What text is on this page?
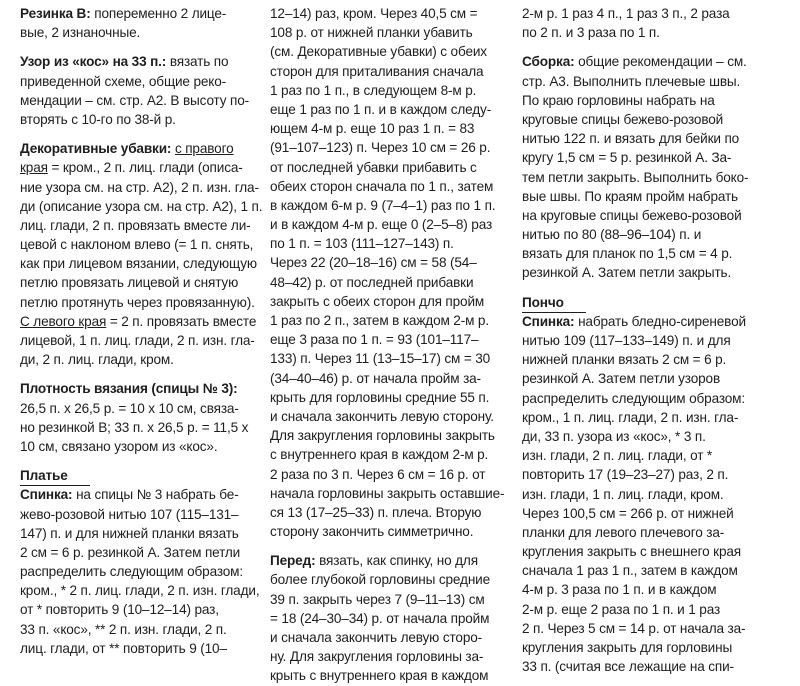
Резинка B: попеременно 2 лице-
вые, 2 изнаночные.
Узор из «кос» на 33 п.: вязать по
приведенной схеме, общие реко-
мендации – см. стр. А2. В высоту по-
вторять с 10-го по 38-й р.
Декоративные убавки: с правого
края = кром., 2 п. лиц. глади (описа-
ние узора см. на стр. А2), 2 п. изн. гла-
ди (описание узора см. на стр. А2), 1 п.
лиц. глади, 2 п. провязать вместе ли-
цевой с наклоном влево (= 1 п. снять,
как при лицевом вязании, следующую
петлю провязать лицевой и снятую
петлю протянуть через провязанную).
С левого края = 2 п. провязать вместе
лицевой, 1 п. лиц. глади, 2 п. изн. гла-
ди, 2 п. лиц. глади, кром.
Плотность вязания (спицы № 3):
26,5 п. х 26,5 р. = 10 х 10 см, связа-
но резинкой B; 33 п. х 26,5 р. = 11,5 х
10 см, связано узором из «кос».
Платье
Спинка: на спицы № 3 набрать бе-
жево-розовой нитью 107 (115–131–
147) п. и для нижней планки вязать
2 см = 6 р. резинкой А. Затем петли
распределить следующим образом:
кром., * 2 п. лиц. глади, 2 п. изн. глади,
от * повторить 9 (10–12–14) раз,
33 п. «кос», ** 2 п. изн. глади, 2 п.
лиц. глади, от ** повторить 9 (10–
12–14) раз, кром. Через 40,5 см =
108 р. от нижней планки убавить
(см. Декоративные убавки) с обеих
сторон для приталивания сначала
1 раз по 1 п., в следующем 8-м р.
еще 1 раз по 1 п. и в каждом следу-
ющем 4-м р. еще 10 раз 1 п. = 83
(91–107–123) п. Через 10 см = 26 р.
от последней убавки прибавить с
обеих сторон сначала по 1 п., затем
в каждом 6-м р. 9 (7–4–1) раз по 1 п.
и в каждом 4-м р. еще 0 (2–5–8) раз
по 1 п. = 103 (111–127–143) п.
Через 22 (20–18–16) см = 58 (54–
48–42) р. от последней прибавки
закрыть с обеих сторон для пройм
1 раз по 2 п., затем в каждом 2-м р.
еще 3 раза по 1 п. = 93 (101–117–
133) п. Через 11 (13–15–17) см = 30
(34–40–46) р. от начала пройм за-
крыть для горловины средние 55 п.
и сначала закончить левую сторону.
Для закругления горловины закрыть
с внутреннего края в каждом 2-м р.
2 раза по 3 п. Через 6 см = 16 р. от
начала горловины закрыть оставшие-
ся 13 (17–25–33) п. плеча. Вторую
сторону закончить симметрично.
Перед: вязать, как спинку, но для
более глубокой горловины средние
39 п. закрыть через 7 (9–11–13) см
= 18 (24–30–34) р. от начала пройм
и сначала закончить левую сторо-
ну. Для закругления горловины за-
крыть с внутреннего края в каждом
2-м р. 1 раз 4 п., 1 раз 3 п., 2 раза
по 2 п. и 3 раза по 1 п.
Сборка: общие рекомендации – см.
стр. А3. Выполнить плечевые швы.
По краю горловины набрать на
круговые спицы бежево-розовой
нитью 122 п. и вязать для бейки по
кругу 1,5 см = 5 р. резинкой А. За-
тем петли закрыть. Выполнить боко-
вые швы. По краям пройм набрать
на круговые спицы бежево-розовой
нитью по 80 (88–96–104) п. и
вязать для планок по 1,5 см = 4 р.
резинкой А. Затем петли закрыть.
Пончо
Спинка: набрать бледно-сиреневой
нитью 109 (117–133–149) п. и для
нижней планки вязать 2 см = 6 р.
резинкой А. Затем петли узоров
распределить следующим образом:
кром., 1 п. лиц. глади, 2 п. изн. гла-
ди, 33 п. узора из «кос», * 3 п.
изн. глади, 2 п. лиц. глади, от *
повторить 17 (19–23–27) раз, 2 п.
изн. глади, 1 п. лиц. глади, кром.
Через 100,5 см = 266 р. от нижней
планки для левого плечевого за-
кругления закрыть с внешнего края
сначала 1 раз 1 п., затем в каждом
4-м р. 3 раза по 1 п. и в каждом
2-м р. еще 2 раза по 1 п. и 1 раз
2 п. Через 5 см = 14 р. от начала за-
кругления закрыть для горловины
33 п. (считая все лежащие на спи-
